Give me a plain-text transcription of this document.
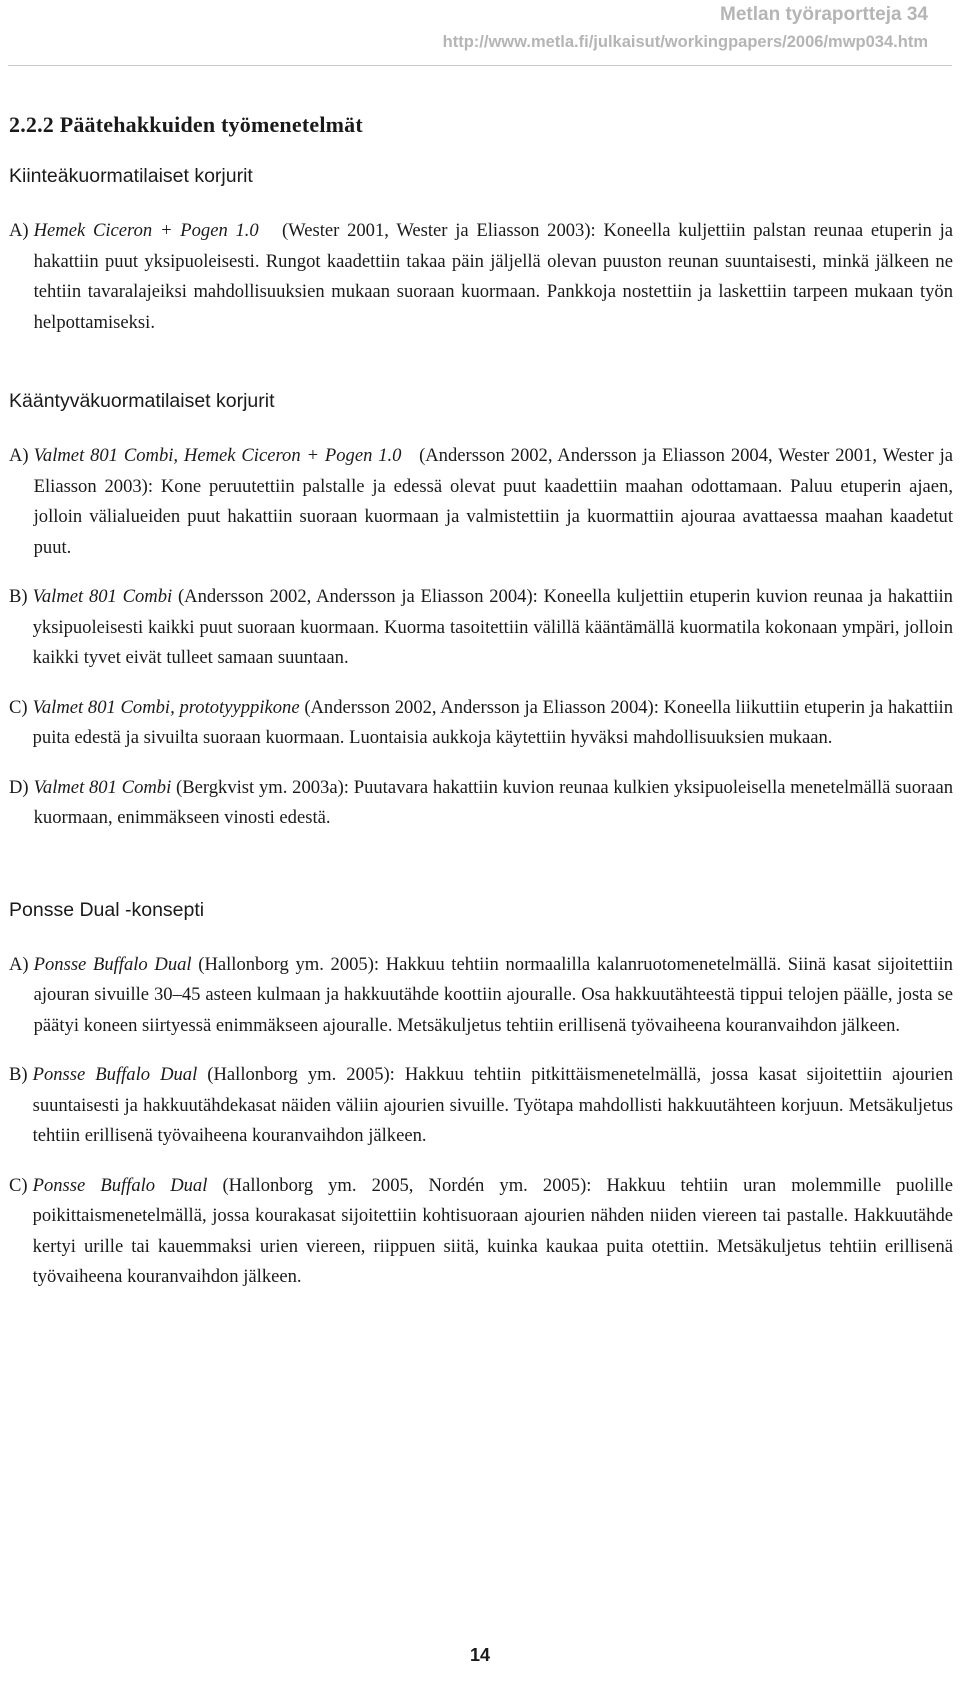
Metlan työraportteja 34
http://www.metla.fi/julkaisut/workingpapers/2006/mwp034.htm
2.2.2 Päätehakkuiden työmenetelmät
Kiinteäkuormatilaiset korjurit
A) Hemek Ciceron + Pogen 1.0 (Wester 2001, Wester ja Eliasson 2003): Koneella kuljettiin palstan reunaa etuperin ja hakattiin puut yksipuoleisesti. Rungot kaadettiin takaa päin jäljellä olevan puuston reunan suuntaisesti, minkä jälkeen ne tehtiin tavaralajeiksi mahdollisuuksien mukaan suoraan kuormaan. Pankkoja nostettiin ja laskettiin tarpeen mukaan työn helpottamiseksi.
Kääntyväkuormatilaiset korjurit
A) Valmet 801 Combi, Hemek Ciceron + Pogen 1.0 (Andersson 2002, Andersson ja Eliasson 2004, Wester 2001, Wester ja Eliasson 2003): Kone peruutettiin palstalle ja edessä olevat puut kaadettiin maahan odottamaan. Paluu etuperin ajaen, jolloin välialueiden puut hakattiin suoraan kuormaan ja valmistettiin ja kuormattiin ajouraa avattaessa maahan kaadetut puut.
B) Valmet 801 Combi (Andersson 2002, Andersson ja Eliasson 2004): Koneella kuljettiin etuperin kuvion reunaa ja hakattiin yksipuoleisesti kaikki puut suoraan kuormaan. Kuorma tasoitettiin välillä kääntämällä kuormatila kokonaan ympäri, jolloin kaikki tyvet eivät tulleet samaan suuntaan.
C) Valmet 801 Combi, prototyyppikone (Andersson 2002, Andersson ja Eliasson 2004): Koneella liikuttiin etuperin ja hakattiin puita edestä ja sivuilta suoraan kuormaan. Luontaisia aukkoja käytettiin hyväksi mahdollisuuksien mukaan.
D) Valmet 801 Combi (Bergkvist ym. 2003a): Puutavara hakattiin kuvion reunaa kulkien yksipuoleisella menetelmällä suoraan kuormaan, enimmäkseen vinosti edestä.
Ponsse Dual -konsepti
A) Ponsse Buffalo Dual (Hallonborg ym. 2005): Hakkuu tehtiin normaalilla kalanruotomenetelmällä. Siinä kasat sijoitettiin ajouran sivuille 30–45 asteen kulmaan ja hakkuutähde koottiin ajouralle. Osa hakkuutähteestä tippui telojen päälle, josta se päätyi koneen siirtyessä enimmäkseen ajouralle. Metsäkuljetus tehtiin erillisenä työvaiheena kouranvaihdon jälkeen.
B) Ponsse Buffalo Dual (Hallonborg ym. 2005): Hakkuu tehtiin pitkittäismenetelmällä, jossa kasat sijoitettiin ajourien suuntaisesti ja hakkuutähdekasat näiden väliin ajourien sivuille. Työtapa mahdollisti hakkuutähteen korjuun. Metsäkuljetus tehtiin erillisenä työvaiheena kouranvaihdon jälkeen.
C) Ponsse Buffalo Dual (Hallonborg ym. 2005, Nordén ym. 2005): Hakkuu tehtiin uran molemmille puolille poikittaismenetelmällä, jossa kourakasat sijoitettiin kohtisuoraan ajourien nähden niiden viereen tai pastalle. Hakkuutähde kertyi urille tai kauemmaksi urien viereen, riippuen siitä, kuinka kaukaa puita otettiin. Metsäkuljetus tehtiin erillisenä työvaiheena kouranvaihdon jälkeen.
14
